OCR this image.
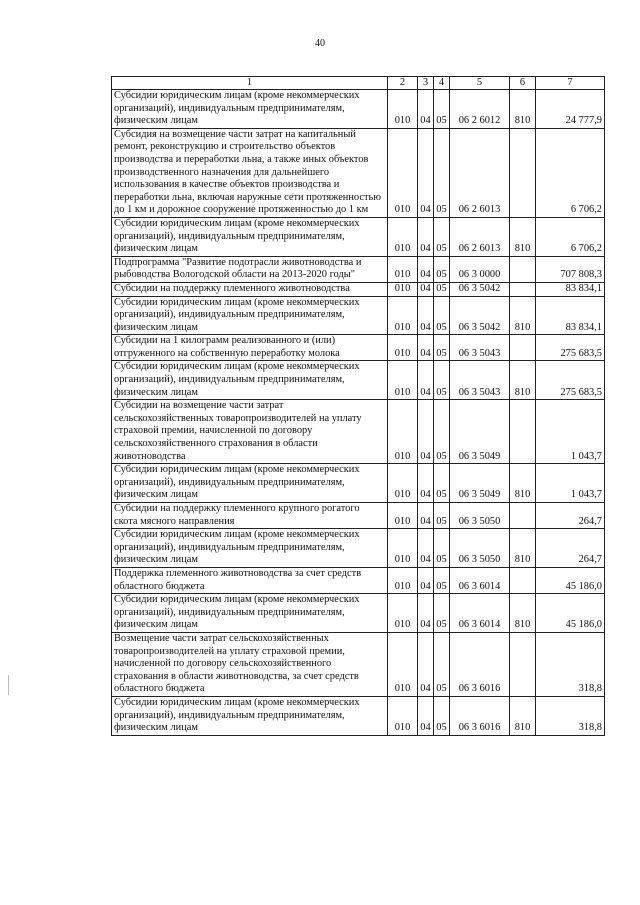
40
1	2	3	4	5	6	7
Субсидии юридическим лицам (кроме некоммерческих организаций), индивидуальным предпринимателям, физическим лицам	010	04	05	06 2 6012	810	24 777,9
Субсидия на возмещение части затрат на капитальный ремонт, реконструкцию и строительство объектов производства и переработки льна, а также иных объектов производственного назначения для дальнейшего использования в качестве объектов производства и переработки льна, включая наружные сети протяженностью до 1 км и дорожное сооружение протяженностью до 1 км	010	04	05	06 2 6013		6 706,2
Субсидии юридическим лицам (кроме некоммерческих организаций), индивидуальным предпринимателям, физическим лицам	010	04	05	06 2 6013	810	6 706,2
Подпрограмма "Развитие подотрасли животноводства и рыбоводства Вологодской области на 2013-2020 годы"	010	04	05	06 3 0000		707 808,3
Субсидии на поддержку племенного животноводства	010	04	05	06 3 5042		83 834,1
Субсидии юридическим лицам (кроме некоммерческих организаций), индивидуальным предпринимателям, физическим лицам	010	04	05	06 3 5042	810	83 834,1
Субсидии на 1 килограмм реализованного и (или) отгруженного на собственную переработку молока	010	04	05	06 3 5043		275 683,5
Субсидии юридическим лицам (кроме некоммерческих организаций), индивидуальным предпринимателям, физическим лицам	010	04	05	06 3 5043	810	275 683,5
Субсидии на возмещение части затрат сельскохозяйственных товаропроизводителей на уплату страховой премии, начисленной по договору сельскохозяйственного страхования в области животноводства	010	04	05	06 3 5049		1 043,7
Субсидии юридическим лицам (кроме некоммерческих организаций), индивидуальным предпринимателям, физическим лицам	010	04	05	06 3 5049	810	1 043,7
Субсидии на поддержку племенного крупного рогатого скота мясного направления	010	04	05	06 3 5050		264,7
Субсидии юридическим лицам (кроме некоммерческих организаций), индивидуальным предпринимателям, физическим лицам	010	04	05	06 3 5050	810	264,7
Поддержка племенного животноводства за счет средств областного бюджета	010	04	05	06 3 6014		45 186,0
Субсидии юридическим лицам (кроме некоммерческих организаций), индивидуальным предпринимателям, физическим лицам	010	04	05	06 3 6014	810	45 186,0
Возмещение части затрат сельскохозяйственных товаропроизводителей на уплату страховой премии, начисленной по договору сельскохозяйственного страхования в области животноводства, за счет средств областного бюджета	010	04	05	06 3 6016		318,8
Субсидии юридическим лицам (кроме некоммерческих организаций), индивидуальным предпринимателям, физическим лицам	010	04	05	06 3 6016	810	318,8
